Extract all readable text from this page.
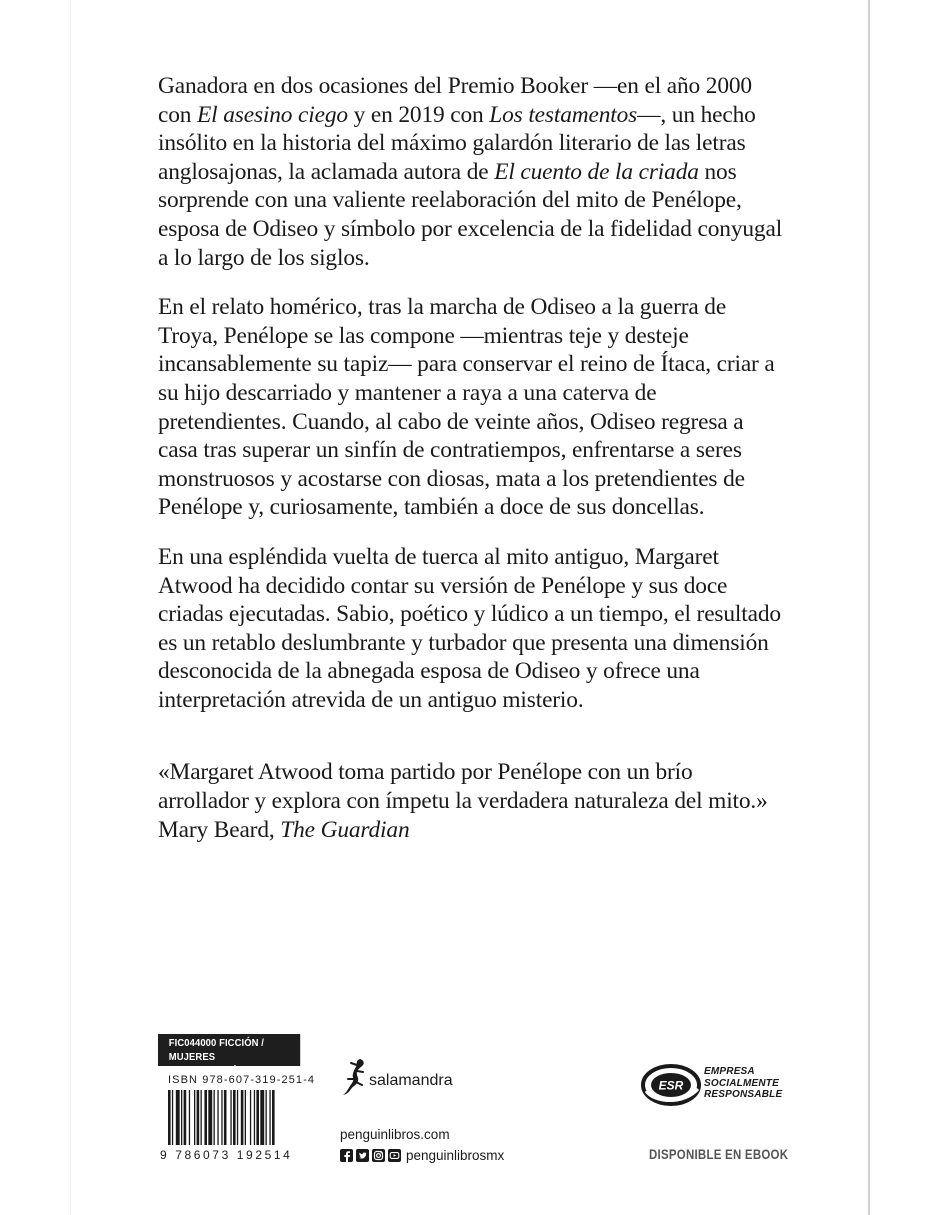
Ganadora en dos ocasiones del Premio Booker —en el año 2000 con El asesino ciego y en 2019 con Los testamentos—, un hecho insólito en la historia del máximo galardón literario de las letras anglosajonas, la aclamada autora de El cuento de la criada nos sorprende con una valiente reelaboración del mito de Penélope, esposa de Odiseo y símbolo por excelencia de la fidelidad conyugal a lo largo de los siglos.

En el relato homérico, tras la marcha de Odiseo a la guerra de Troya, Penélope se las compone —mientras teje y desteje incansablemente su tapiz— para conservar el reino de Ítaca, criar a su hijo descarriado y mantener a raya a una caterva de pretendientes. Cuando, al cabo de veinte años, Odiseo regresa a casa tras superar un sinfín de contratiempos, enfrentarse a seres monstruosos y acostarse con diosas, mata a los pretendientes de Penélope y, curiosamente, también a doce de sus doncellas.

En una espléndida vuelta de tuerca al mito antiguo, Margaret Atwood ha decidido contar su versión de Penélope y sus doce criadas ejecutadas. Sabio, poético y lúdico a un tiempo, el resultado es un retablo deslumbrante y turbador que presenta una dimensión desconocida de la abnegada esposa de Odiseo y ofrece una interpretación atrevida de un antiguo misterio.

«Margaret Atwood toma partido por Penélope con un brío arrollador y explora con ímpetu la verdadera naturaleza del mito.» Mary Beard, The Guardian

FIC044000 FICCIÓN /
MUJERES CONTEMPORÁNEAS
ISBN 978-607-319-251-4
9 786073 192514
salamandra
penguinlibros.com
penguinlibrosmx
ESR
EMPRESA
SOCIALMENTE
RESPONSABLE
DISPONIBLE EN EBOOK
